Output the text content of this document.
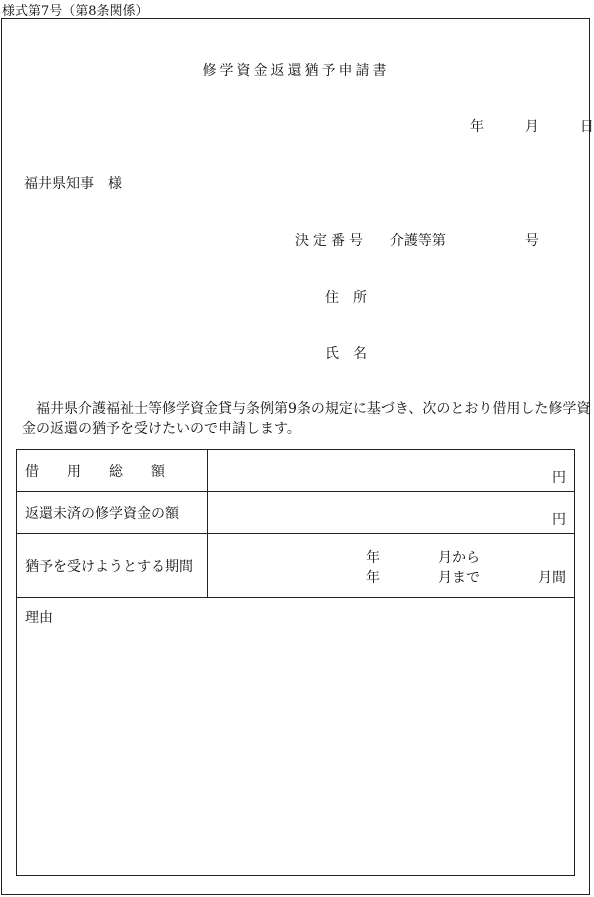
様式第7号（第8条関係）
修学資金返還猶予申請書
年	月	日
福井県知事　様
決定番号 介護等第	号
住　所
氏　名
福井県介護福祉士等修学資金貸与条例第9条の規定に基づき、次のとおり借用した修学資金の返還の猶予を受けたいので申請します。
借　　用　　総　　額	円

返還未済の修学資金の額	円

猶予を受けようとする期間	年 月から
年 月まで 月間
理由
